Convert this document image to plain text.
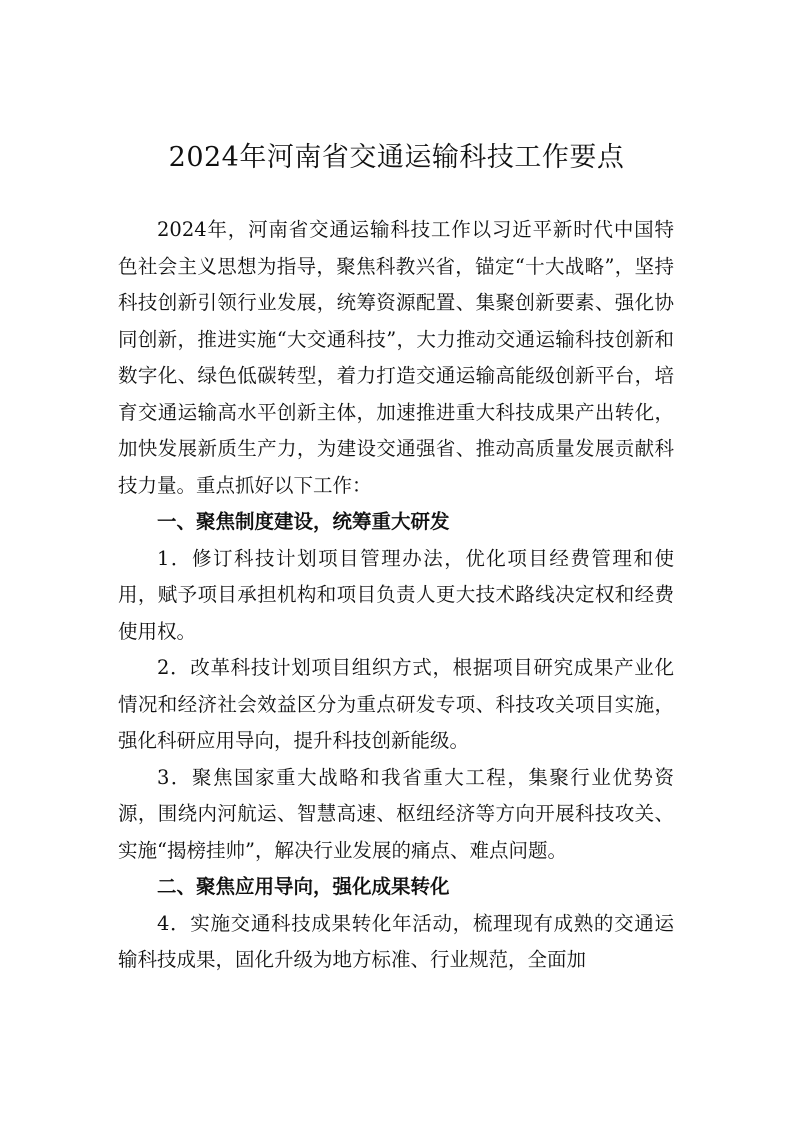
2024年河南省交通运输科技工作要点

2024年，河南省交通运输科技工作以习近平新时代中国特色社会主义思想为指导，聚焦科教兴省，锚定“十大战略”，坚持科技创新引领行业发展，统筹资源配置、集聚创新要素、强化协同创新，推进实施“大交通科技”，大力推动交通运输科技创新和数字化、绿色低碳转型，着力打造交通运输高能级创新平台，培育交通运输高水平创新主体，加速推进重大科技成果产出转化，加快发展新质生产力，为建设交通强省、推动高质量发展贡献科技力量。重点抓好以下工作：

一、聚焦制度建设，统筹重大研发

1．修订科技计划项目管理办法，优化项目经费管理和使用，赋予项目承担机构和项目负责人更大技术路线决定权和经费使用权。

2．改革科技计划项目组织方式，根据项目研究成果产业化情况和经济社会效益区分为重点研发专项、科技攻关项目实施，强化科研应用导向，提升科技创新能级。

3．聚焦国家重大战略和我省重大工程，集聚行业优势资源，围绕内河航运、智慧高速、枢纽经济等方向开展科技攻关、实施“揭榜挂帅”，解决行业发展的痛点、难点问题。

二、聚焦应用导向，强化成果转化

4．实施交通科技成果转化年活动，梳理现有成熟的交通运输科技成果，固化升级为地方标准、行业规范，全面加
